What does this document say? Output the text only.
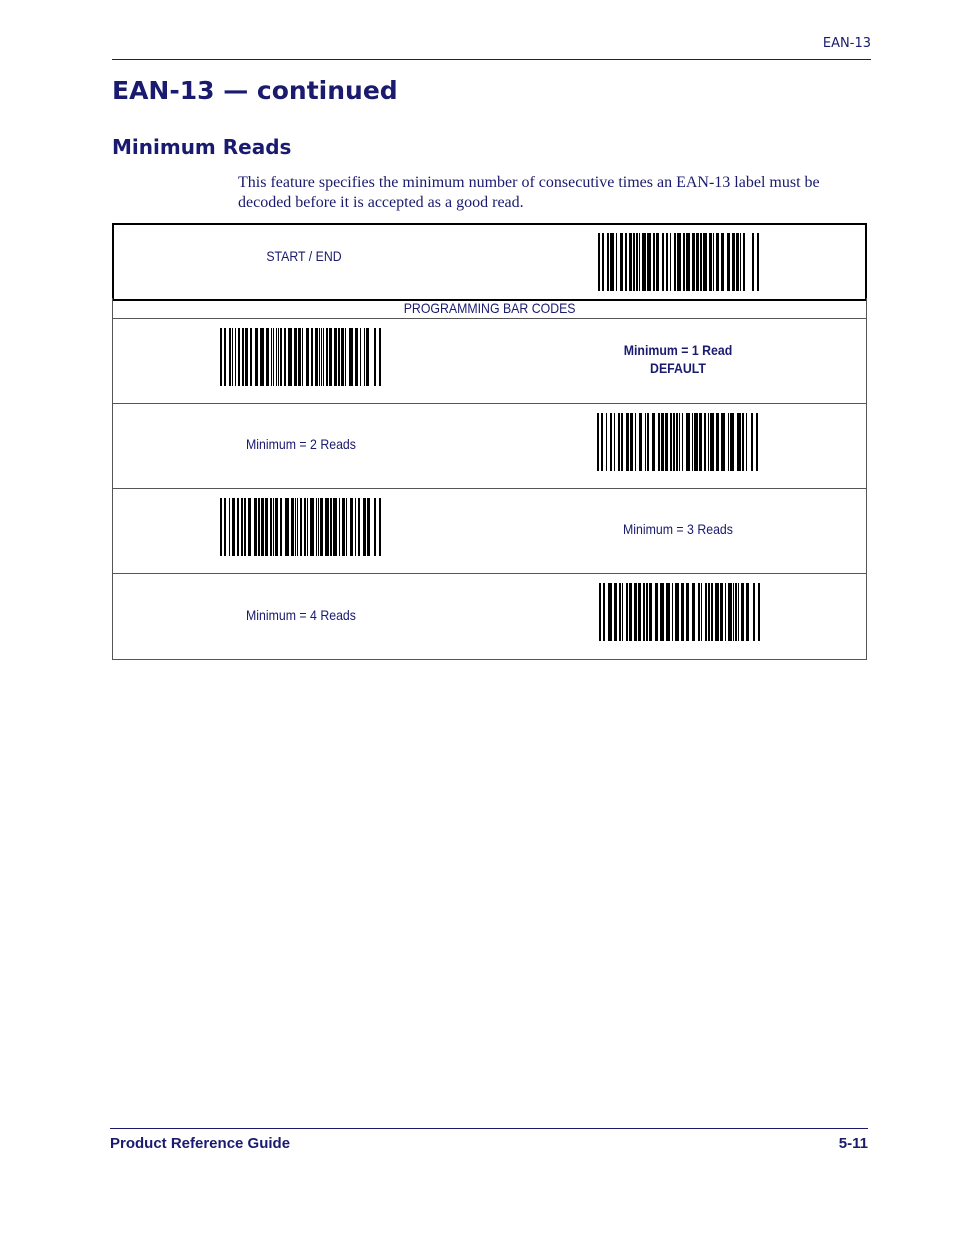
EAN-13
EAN-13 — continued
Minimum Reads

This feature specifies the minimum number of consecutive times an EAN-13 label must be decoded before it is accepted as a good read.

START / END
PROGRAMMING BAR CODES
Minimum = 1 Read
DEFAULT
Minimum = 2 Reads
Minimum = 3 Reads
Minimum = 4 Reads
Product Reference Guide	5-11
